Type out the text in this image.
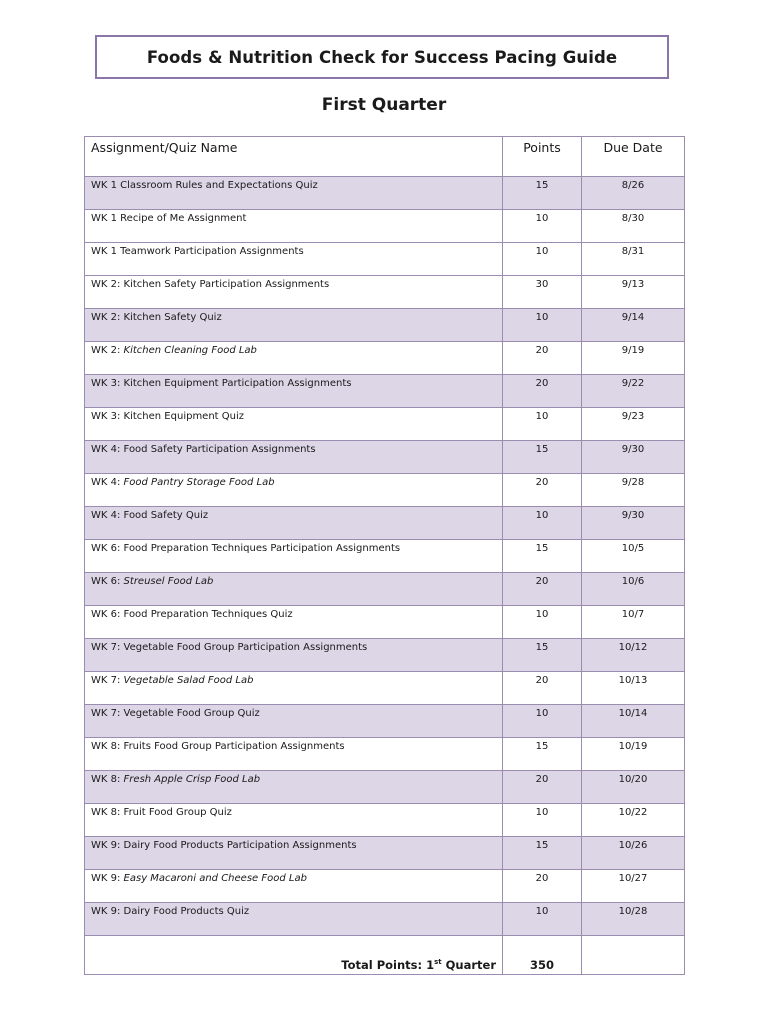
Foods & Nutrition Check for Success Pacing Guide
First Quarter
Assignment/Quiz Name	Points	Due Date
WK 1 Classroom Rules and Expectations Quiz	15	8/26
WK 1 Recipe of Me Assignment	10	8/30
WK 1 Teamwork Participation Assignments	10	8/31
WK 2: Kitchen Safety Participation Assignments	30	9/13
WK 2: Kitchen Safety Quiz	10	9/14
WK 2: Kitchen Cleaning Food Lab	20	9/19
WK 3: Kitchen Equipment Participation Assignments	20	9/22
WK 3: Kitchen Equipment Quiz	10	9/23
WK 4: Food Safety Participation Assignments	15	9/30
WK 4: Food Pantry Storage Food Lab	20	9/28
WK 4: Food Safety Quiz	10	9/30
WK 6: Food Preparation Techniques Participation Assignments	15	10/5
WK 6: Streusel Food Lab	20	10/6
WK 6: Food Preparation Techniques Quiz	10	10/7
WK 7: Vegetable Food Group Participation Assignments	15	10/12
WK 7: Vegetable Salad Food Lab	20	10/13
WK 7: Vegetable Food Group Quiz	10	10/14
WK 8: Fruits Food Group Participation Assignments	15	10/19
WK 8: Fresh Apple Crisp Food Lab	20	10/20
WK 8: Fruit Food Group Quiz	10	10/22
WK 9: Dairy Food Products Participation Assignments	15	10/26
WK 9: Easy Macaroni and Cheese Food Lab	20	10/27
WK 9: Dairy Food Products Quiz	10	10/28
Total Points: 1st Quarter	350	
